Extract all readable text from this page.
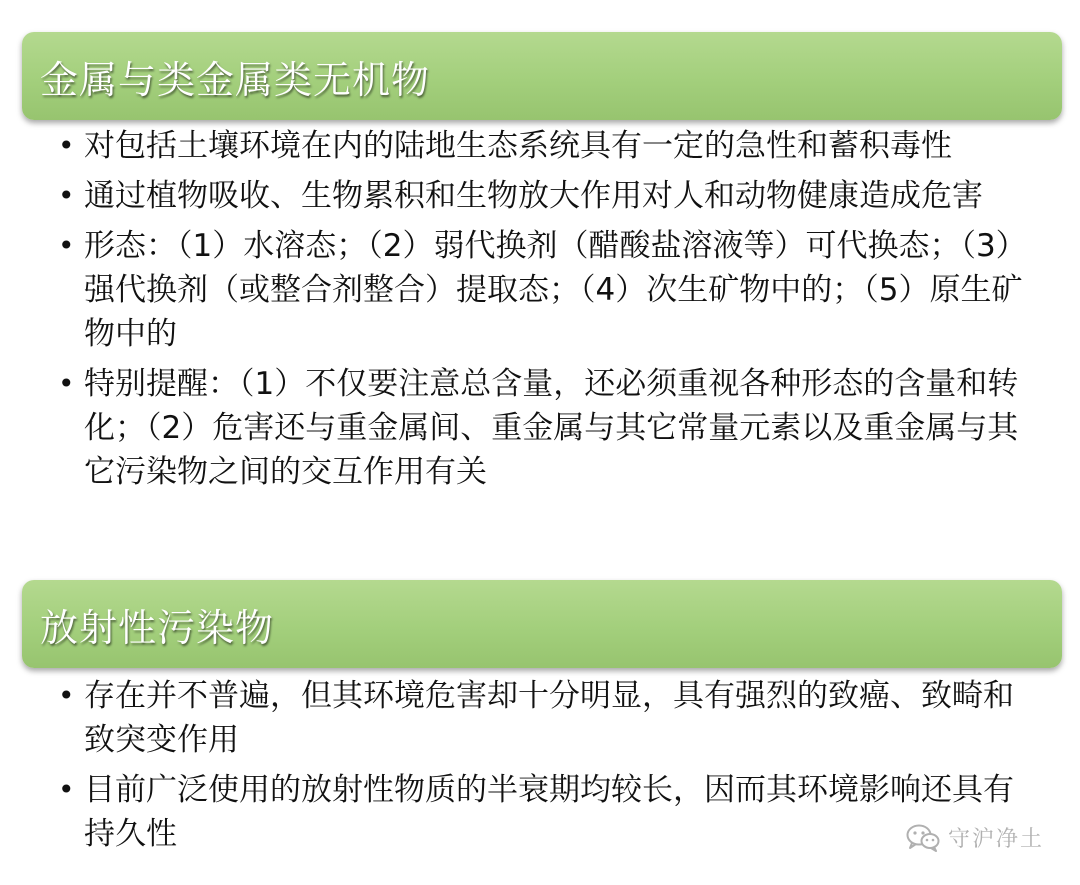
金属与类金属类无机物
• 对包括土壤环境在内的陆地生态系统具有一定的急性和蓄积毒性
• 通过植物吸收、生物累积和生物放大作用对人和动物健康造成危害
• 形态：（1）水溶态；（2）弱代换剂（醋酸盐溶液等）可代换态；（3）强代换剂（或整合剂整合）提取态；（4）次生矿物中的；（5）原生矿物中的
• 特别提醒：（1）不仅要注意总含量，还必须重视各种形态的含量和转化；（2）危害还与重金属间、重金属与其它常量元素以及重金属与其它污染物之间的交互作用有关
放射性污染物
• 存在并不普遍，但其环境危害却十分明显，具有强烈的致癌、致畸和致突变作用
• 目前广泛使用的放射性物质的半衰期均较长，因而其环境影响还具有持久性	守沪净土
